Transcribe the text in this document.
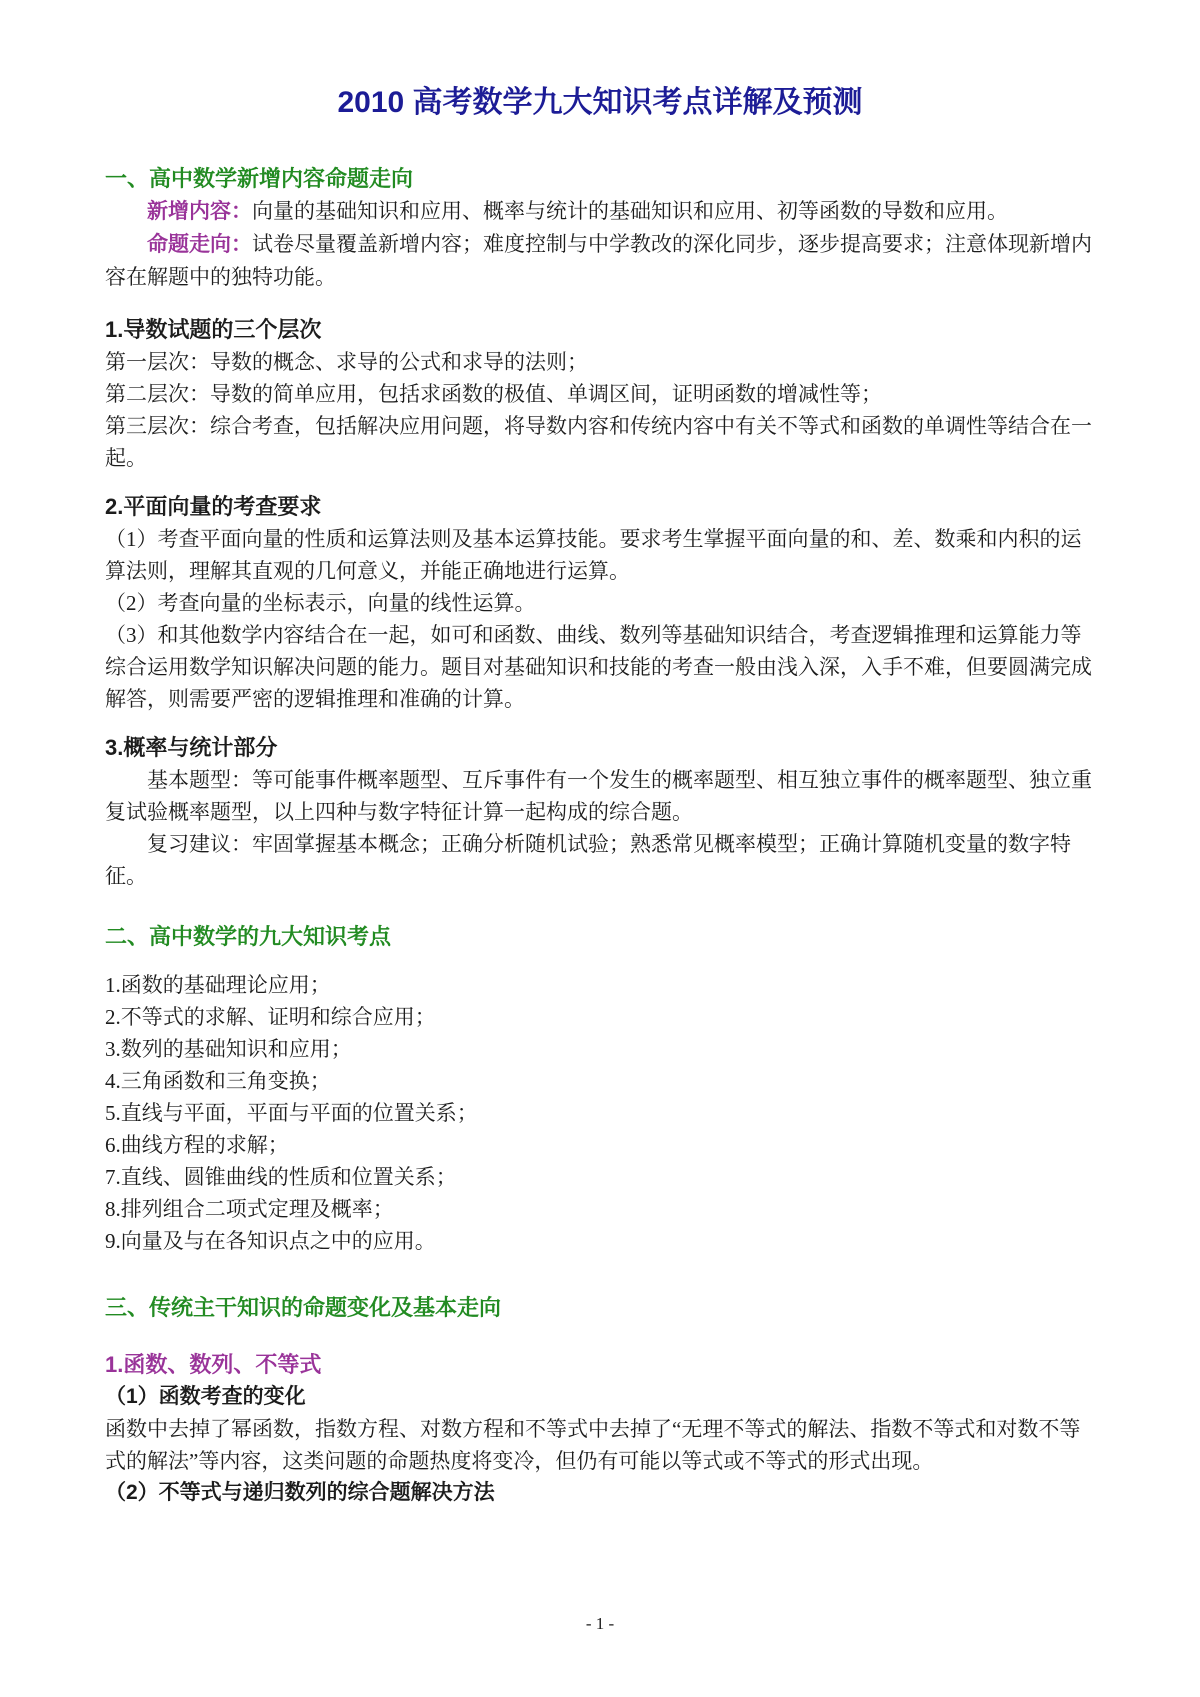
2010 高考数学九大知识考点详解及预测
一、高中数学新增内容命题走向

新增内容：向量的基础知识和应用、概率与统计的基础知识和应用、初等函数的导数和应用。

命题走向：试卷尽量覆盖新增内容；难度控制与中学教改的深化同步，逐步提高要求；注意体现新增内容在解题中的独特功能。

1.导数试题的三个层次

第一层次：导数的概念、求导的公式和求导的法则；

第二层次：导数的简单应用，包括求函数的极值、单调区间，证明函数的增减性等；

第三层次：综合考查，包括解决应用问题，将导数内容和传统内容中有关不等式和函数的单调性等结合在一起。

2.平面向量的考查要求

（1）考查平面向量的性质和运算法则及基本运算技能。要求考生掌握平面向量的和、差、数乘和内积的运算法则，理解其直观的几何意义，并能正确地进行运算。

（2）考查向量的坐标表示，向量的线性运算。

（3）和其他数学内容结合在一起，如可和函数、曲线、数列等基础知识结合，考查逻辑推理和运算能力等综合运用数学知识解决问题的能力。题目对基础知识和技能的考查一般由浅入深，入手不难，但要圆满完成解答，则需要严密的逻辑推理和准确的计算。

3.概率与统计部分

基本题型：等可能事件概率题型、互斥事件有一个发生的概率题型、相互独立事件的概率题型、独立重复试验概率题型，以上四种与数字特征计算一起构成的综合题。

复习建议：牢固掌握基本概念；正确分析随机试验；熟悉常见概率模型；正确计算随机变量的数字特征。

二、高中数学的九大知识考点

1.函数的基础理论应用；

2.不等式的求解、证明和综合应用；

3.数列的基础知识和应用；

4.三角函数和三角变换；

5.直线与平面，平面与平面的位置关系；

6.曲线方程的求解；

7.直线、圆锥曲线的性质和位置关系；

8.排列组合二项式定理及概率；

9.向量及与在各知识点之中的应用。

三、传统主干知识的命题变化及基本走向
1.函数、数列、不等式
（1）函数考查的变化

函数中去掉了幂函数，指数方程、对数方程和不等式中去掉了“无理不等式的解法、指数不等式和对数不等式的解法”等内容，这类问题的命题热度将变冷，但仍有可能以等式或不等式的形式出现。

（2）不等式与递归数列的综合题解决方法
- 1 -
